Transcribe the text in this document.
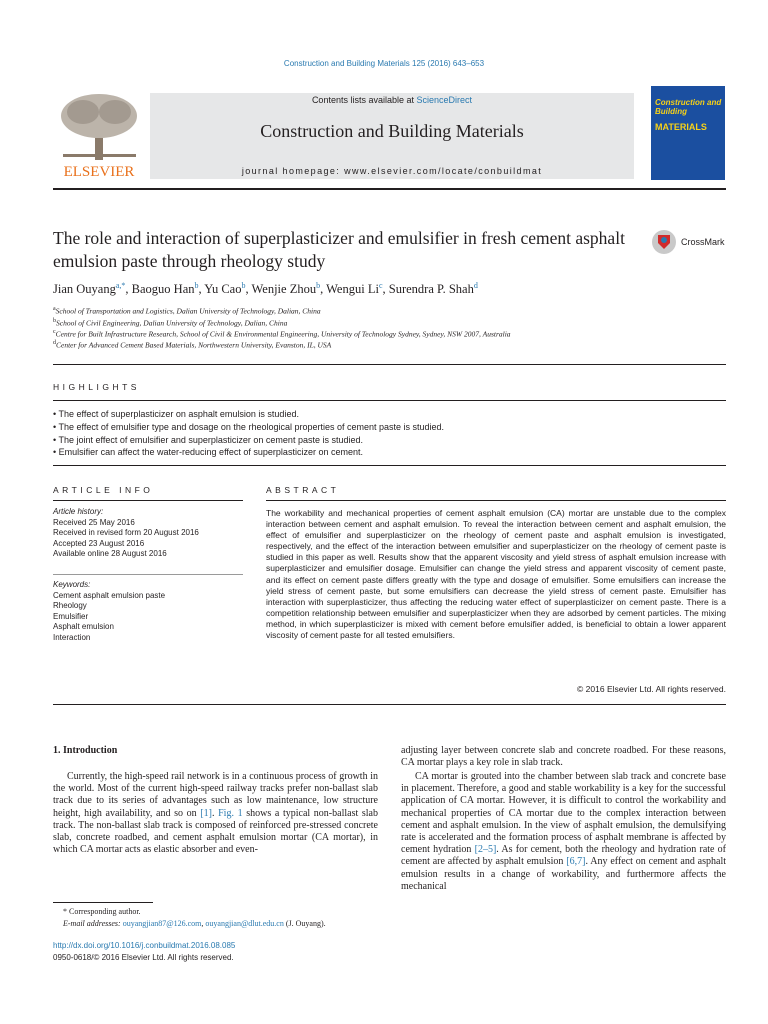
Construction and Building Materials 125 (2016) 643–653
ELSEVIER
Contents lists available at ScienceDirect
Construction and Building Materials
journal homepage: www.elsevier.com/locate/conbuildmat
Construction and Building
MATERIALS
The role and interaction of superplasticizer and emulsifier in fresh cement asphalt emulsion paste through rheology study
CrossMark
Jian Ouyang$^{a,*}$, Baoguo Han$^b$, Yu Cao$^b$, Wenjie Zhou$^b$, Wengui Li$^c$, Surendra P. Shah$^d$
$^a$School of Transportation and Logistics, Dalian University of Technology, Dalian, China
$^b$School of Civil Engineering, Dalian University of Technology, Dalian, China
$^c$Centre for Built Infrastructure Research, School of Civil & Environmental Engineering, University of Technology Sydney, Sydney, NSW 2007, Australia
$^d$Center for Advanced Cement Based Materials, Northwestern University, Evanston, IL, USA
HIGHLIGHTS
• The effect of superplasticizer on asphalt emulsion is studied.
• The effect of emulsifier type and dosage on the rheological properties of cement paste is studied.
• The joint effect of emulsifier and superplasticizer on cement paste is studied.
• Emulsifier can affect the water-reducing effect of superplasticizer on cement.
ARTICLE INFO
Article history:
Received 25 May 2016
Received in revised form 20 August 2016
Accepted 23 August 2016
Available online 28 August 2016
Keywords:
Cement asphalt emulsion paste
Rheology
Emulsifier
Asphalt emulsion
Interaction
ABSTRACT
The workability and mechanical properties of cement asphalt emulsion (CA) mortar are unstable due to the complex interaction between cement and asphalt emulsion. To reveal the interaction between cement and asphalt emulsion, the effect of emulsifier and superplasticizer on the rheology of cement paste and asphalt emulsion is investigated, respectively, and the effect of the interaction between emulsifier and superplasticizer on the rheology of cement paste is studied in this paper as well. Results show that the apparent viscosity and yield stress of asphalt emulsion increase with superplasticizer and emulsifier dosage. Emulsifier can change the yield stress and apparent viscosity of cement paste, and its effect on cement paste differs greatly with the type and dosage of emulsifier. Some emulsifiers can increase the yield stress of cement paste, but some emulsifiers can decrease the yield stress of cement paste. Emulsifier has interaction with superplasticizer, thus affecting the reducing water effect of superplasticizer on cement paste. There is a competition relationship between emulsifier and superplasticizer when they are adsorbed by cement particles. The mixing method, in which superplasticizer is mixed with cement before emulsifier added, is beneficial to obtain a lower apparent viscosity of cement paste for all tested emulsifiers.
© 2016 Elsevier Ltd. All rights reserved.
1. Introduction
Currently, the high-speed rail network is in a continuous process of growth in the world. Most of the current high-speed railway tracks prefer non-ballast slab track due to its series of advantages such as low maintenance, low structure height, high availability, and so on [1]. Fig. 1 shows a typical non-ballast slab track. The non-ballast slab track is composed of reinforced pre-stressed concrete slab, concrete roadbed, and cement asphalt emulsion mortar (CA mortar), in which CA mortar acts as elastic absorber and even-
adjusting layer between concrete slab and concrete roadbed. For these reasons, CA mortar plays a key role in slab track.
CA mortar is grouted into the chamber between slab track and concrete base in placement. Therefore, a good and stable workability is a key for the successful application of CA mortar. However, it is difficult to control the workability and mechanical properties of CA mortar due to the complex interaction between cement and asphalt emulsion. In the view of asphalt emulsion, the demulsifying rate is accelerated and the formation process of asphalt membrane is affected by cement hydration [2–5]. As for cement, both the rheology and hydration rate of cement are affected by asphalt emulsion [6,7]. Any effect on cement and asphalt emulsion results in a change of workability, and furthermore affects the mechanical
* Corresponding author.
E-mail addresses: ouyangjian87@126.com, ouyangjian@dlut.edu.cn (J. Ouyang).
http://dx.doi.org/10.1016/j.conbuildmat.2016.08.085
0950-0618/© 2016 Elsevier Ltd. All rights reserved.
